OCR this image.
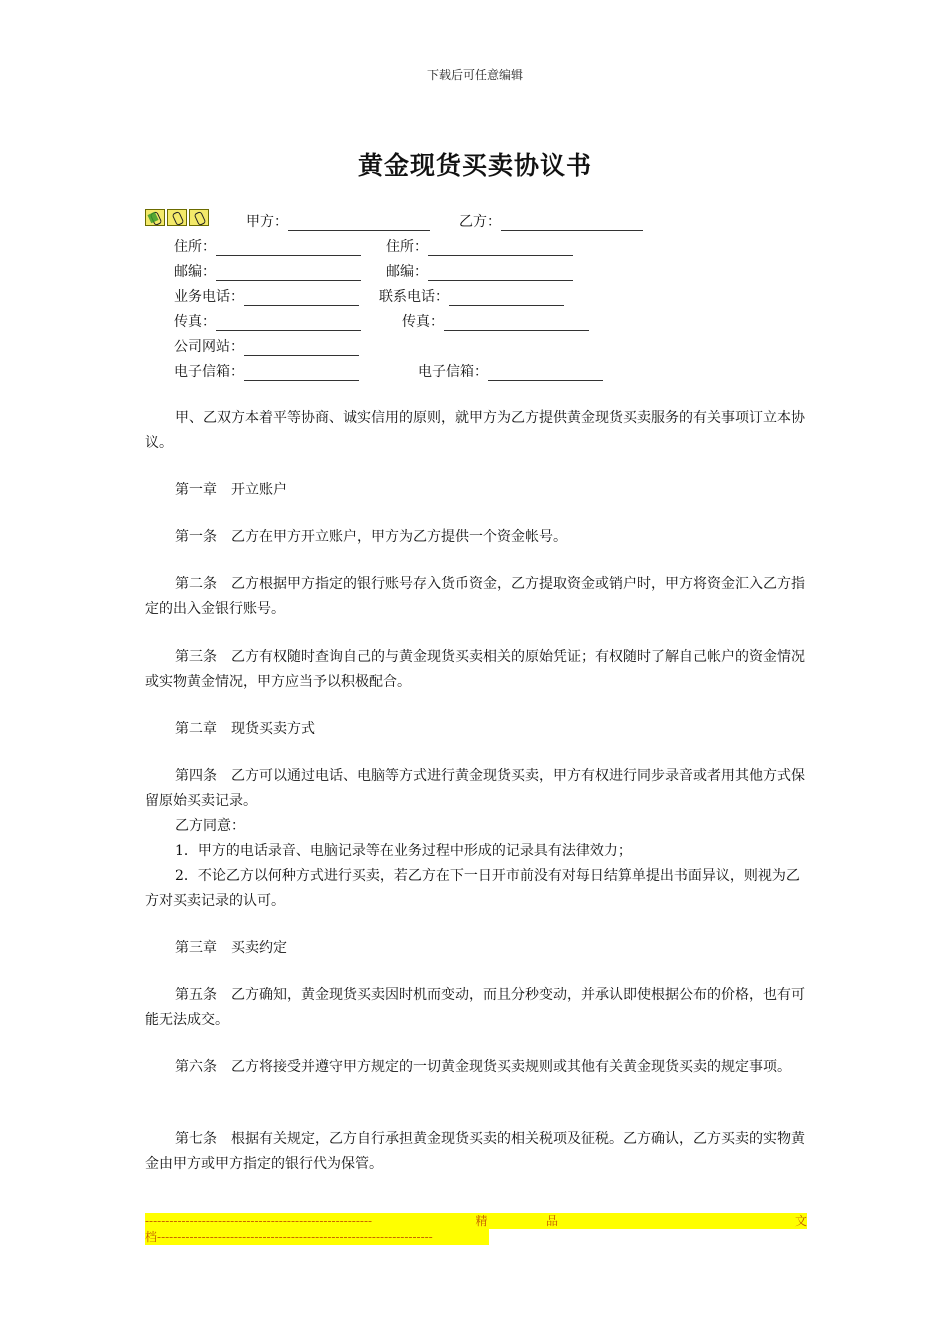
下载后可任意编辑
黄金现货买卖协议书
甲方：	乙方：
住所：	住所：
邮编：	邮编：
业务电话：	联系电话：
传真：	传真：
公司网站：
电子信箱：	电子信箱：
甲、乙双方本着平等协商、诚实信用的原则，就甲方为乙方提供黄金现货买卖服务的有关事项订立本协议。
第一章　开立账户
第一条　乙方在甲方开立账户，甲方为乙方提供一个资金帐号。
第二条　乙方根据甲方指定的银行账号存入货币资金，乙方提取资金或销户时，甲方将资金汇入乙方指定的出入金银行账号。
第三条　乙方有权随时查询自己的与黄金现货买卖相关的原始凭证；有权随时了解自己帐户的资金情况或实物黄金情况，甲方应当予以积极配合。
第二章　现货买卖方式
第四条　乙方可以通过电话、电脑等方式进行黄金现货买卖，甲方有权进行同步录音或者用其他方式保留原始买卖记录。
乙方同意：
1．甲方的电话录音、电脑记录等在业务过程中形成的记录具有法律效力；
2．不论乙方以何种方式进行买卖，若乙方在下一日开市前没有对每日结算单提出书面异议，则视为乙方对买卖记录的认可。
第三章　买卖约定
第五条　乙方确知，黄金现货买卖因时机而变动，而且分秒变动，并承认即使根据公布的价格，也有可能无法成交。
第六条　乙方将接受并遵守甲方规定的一切黄金现货买卖规则或其他有关黄金现货买卖的规定事项。
第七条　根据有关规定，乙方自行承担黄金现货买卖的相关税项及征税。乙方确认，乙方买卖的实物黄金由甲方或甲方指定的银行代为保管。
--------------------------------------------------------	精	品	文
档--------------------------------------------------------------------
